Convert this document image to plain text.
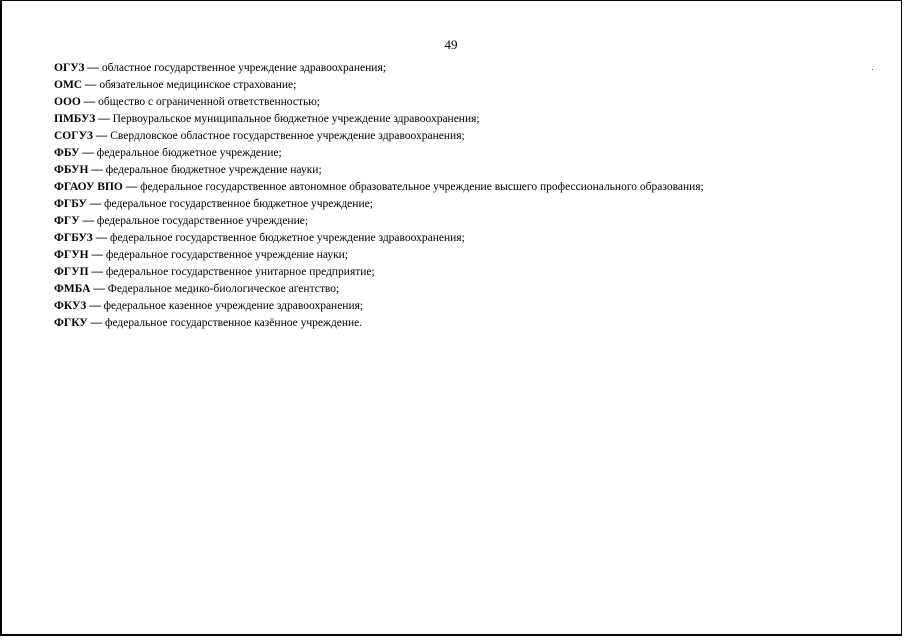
49
ОГУЗ — областное государственное учреждение здравоохранения;
ОМС — обязательное медицинское страхование;
ООО — общество с ограниченной ответственностью;
ПМБУЗ — Первоуральское муниципальное бюджетное учреждение здравоохранения;
СОГУЗ — Свердловское областное государственное учреждение здравоохранения;
ФБУ — федеральное бюджетное учреждение;
ФБУН — федеральное бюджетное учреждение науки;
ФГАОУ ВПО — федеральное государственное автономное образовательное учреждение высшего профессионального образования;
ФГБУ — федеральное государственное бюджетное учреждение;
ФГУ — федеральное государственное учреждение;
ФГБУЗ — федеральное государственное бюджетное учреждение здравоохранения;
ФГУН — федеральное государственное учреждение науки;
ФГУП — федеральное государственное унитарное предприятие;
ФМБА — Федеральное медико-биологическое агентство;
ФКУЗ — федеральное казенное учреждение здравоохранения;
ФГКУ — федеральное государственное казённое учреждение.
